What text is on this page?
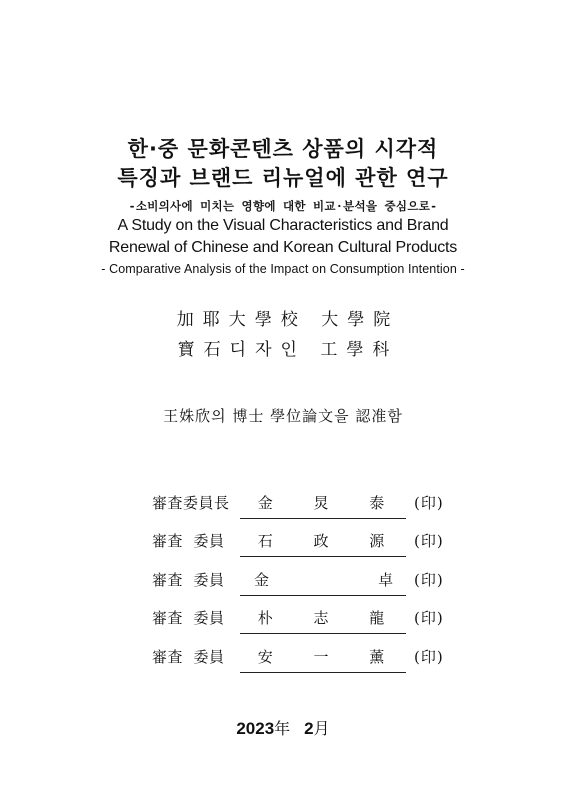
한·중 문화콘텐츠 상품의 시각적
특징과 브랜드 리뉴얼에 관한 연구
-소비의사에 미치는 영향에 대한 비교·분석을 중심으로-
A Study on the Visual Characteristics and Brand
Renewal of Chinese and Korean Cultural Products
- Comparative Analysis of the Impact on Consumption Intention -
加耶大學校 大學院
寶石디자인 工學科
王姝欣의 博士 學位論文을 認准함
審査委員長	金 炅 泰 (印)
審査  委員	石 政 源 (印)
審査  委員	金    卓 (印)
審査  委員	朴 志 龍 (印)
審査  委員	安 一 薰 (印)
2023年 2月
